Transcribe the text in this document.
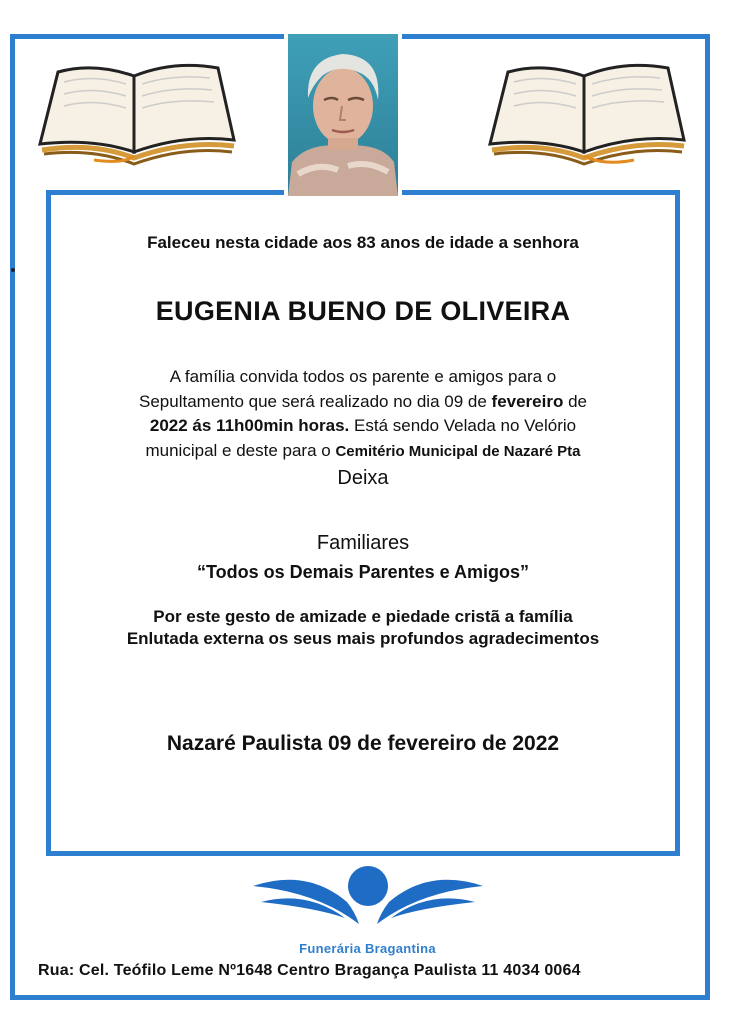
Faleceu nesta cidade aos 83 anos de idade a senhora
EUGENIA BUENO DE OLIVEIRA
A família convida todos os parente e amigos para o
Sepultamento que será realizado no dia 09 de fevereiro de
2022 ás 11h00min horas. Está sendo Velada no Velório
municipal e deste para o Cemitério Municipal de Nazaré Pta
Deixa
Familiares
“Todos os Demais Parentes e Amigos”
Por este gesto de amizade e piedade cristã a família
Enlutada externa os seus mais profundos agradecimentos
Nazaré Paulista 09 de fevereiro de 2022
Funerária Bragantina
Rua: Cel. Teófilo Leme Nº1648 Centro Bragança Paulista 11 4034 0064
